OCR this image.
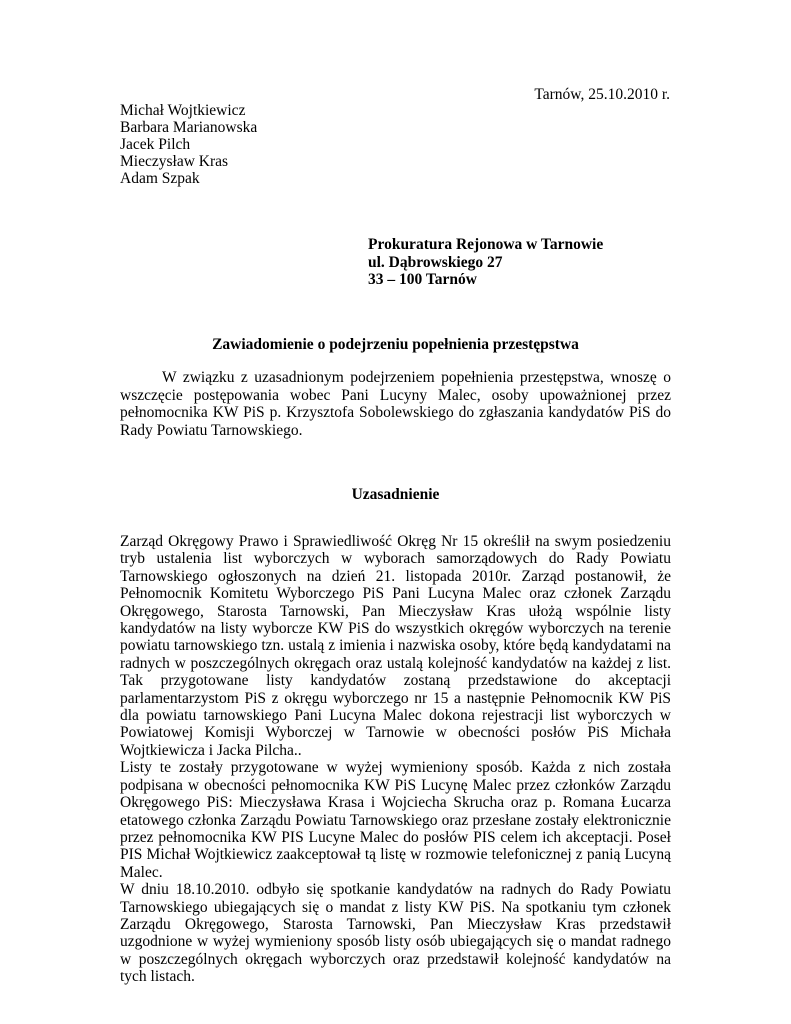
Tarnów, 25.10.2010 r.
Michał Wojtkiewicz
Barbara Marianowska
Jacek Pilch
Mieczysław Kras
Adam Szpak
Prokuratura Rejonowa w Tarnowie
ul. Dąbrowskiego 27
33 – 100 Tarnów
Zawiadomienie o podejrzeniu popełnienia przestępstwa

W związku z uzasadnionym podejrzeniem popełnienia przestępstwa, wnoszę o wszczęcie postępowania wobec Pani Lucyny Malec, osoby upoważnionej przez pełnomocnika KW PiS p. Krzysztofa Sobolewskiego do zgłaszania kandydatów PiS do Rady Powiatu Tarnowskiego.

Uzasadnienie

Zarząd Okręgowy Prawo i Sprawiedliwość Okręg Nr 15 określił na swym posiedzeniu tryb ustalenia list wyborczych w wyborach samorządowych do Rady Powiatu Tarnowskiego ogłoszonych na dzień 21. listopada 2010r. Zarząd postanowił, że Pełnomocnik Komitetu Wyborczego PiS Pani Lucyna Malec oraz członek Zarządu Okręgowego, Starosta Tarnowski, Pan Mieczysław Kras ułożą wspólnie listy kandydatów na listy wyborcze KW PiS do wszystkich okręgów wyborczych na terenie powiatu tarnowskiego tzn. ustalą z imienia i nazwiska osoby, które będą kandydatami na radnych w poszczególnych okręgach oraz ustalą kolejność kandydatów na każdej z list. Tak przygotowane listy kandydatów zostaną przedstawione do akceptacji parlamentarzystom PiS z okręgu wyborczego nr 15 a następnie Pełnomocnik KW PiS dla powiatu tarnowskiego Pani Lucyna Malec dokona rejestracji list wyborczych w Powiatowej Komisji Wyborczej w Tarnowie w obecności posłów PiS Michała Wojtkiewicza i Jacka Pilcha..

Listy te zostały przygotowane w wyżej wymieniony sposób. Każda z nich została podpisana w obecności pełnomocnika KW PiS Lucynę Malec przez członków Zarządu Okręgowego PiS: Mieczysława Krasa i Wojciecha Skrucha oraz p. Romana Łucarza etatowego członka Zarządu Powiatu Tarnowskiego oraz przesłane zostały elektronicznie przez pełnomocnika KW PIS Lucyne Malec do posłów PIS celem ich akceptacji. Poseł PIS Michał Wojtkiewicz zaakceptował tą listę w rozmowie telefonicznej z panią Lucyną Malec.

W dniu 18.10.2010. odbyło się spotkanie kandydatów na radnych do Rady Powiatu Tarnowskiego ubiegających się o mandat z listy KW PiS. Na spotkaniu tym członek Zarządu Okręgowego, Starosta Tarnowski, Pan Mieczysław Kras przedstawił uzgodnione w wyżej wymieniony sposób listy osób ubiegających się o mandat radnego w poszczególnych okręgach wyborczych oraz przedstawił kolejność kandydatów na tych listach.
